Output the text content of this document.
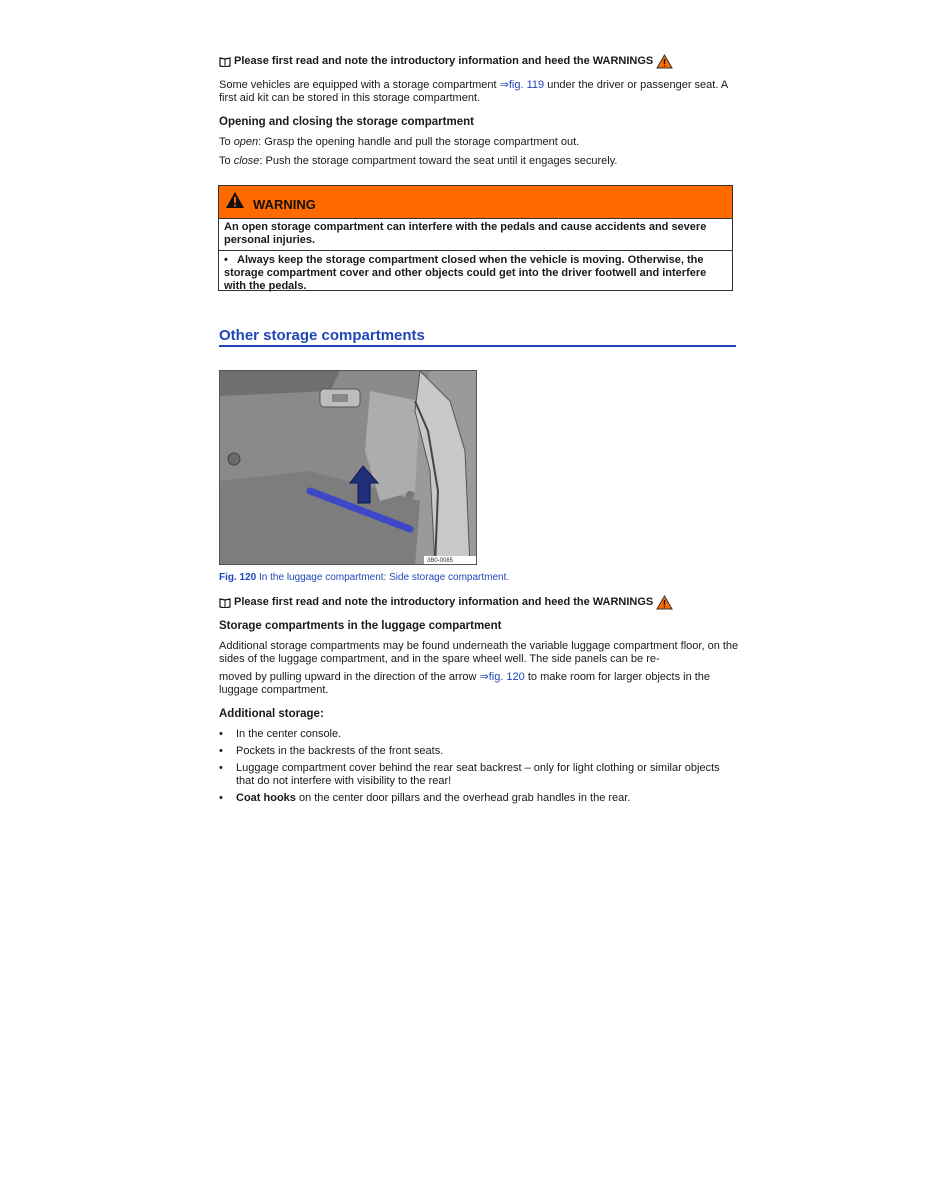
Please first read and note the introductory information and heed the WARNINGS
Some vehicles are equipped with a storage compartment ⇒fig. 119 under the driver or passenger seat. A first aid kit can be stored in this storage compartment.
Opening and closing the storage compartment
To open: Grasp the opening handle and pull the storage compartment out.
To close: Push the storage compartment toward the seat until it engages securely.
WARNING
An open storage compartment can interfere with the pedals and cause accidents and severe personal injuries.
• Always keep the storage compartment closed when the vehicle is moving. Otherwise, the storage compartment cover and other objects could get into the driver footwell and interfere with the pedals.
Other storage compartments
3B0-0085
Fig. 120 In the luggage compartment: Side storage compartment.
Please first read and note the introductory information and heed the WARNINGS
Storage compartments in the luggage compartment
Additional storage compartments may be found underneath the variable luggage compartment floor, on the sides of the luggage compartment, and in the spare wheel well. The side panels can be re-
moved by pulling upward in the direction of the arrow ⇒fig. 120 to make room for larger objects in the luggage compartment.
Additional storage:
• In the center console.
• Pockets in the backrests of the front seats.
• Luggage compartment cover behind the rear seat backrest – only for light clothing or similar objects that do not interfere with visibility to the rear!
• Coat hooks on the center door pillars and the overhead grab handles in the rear.
